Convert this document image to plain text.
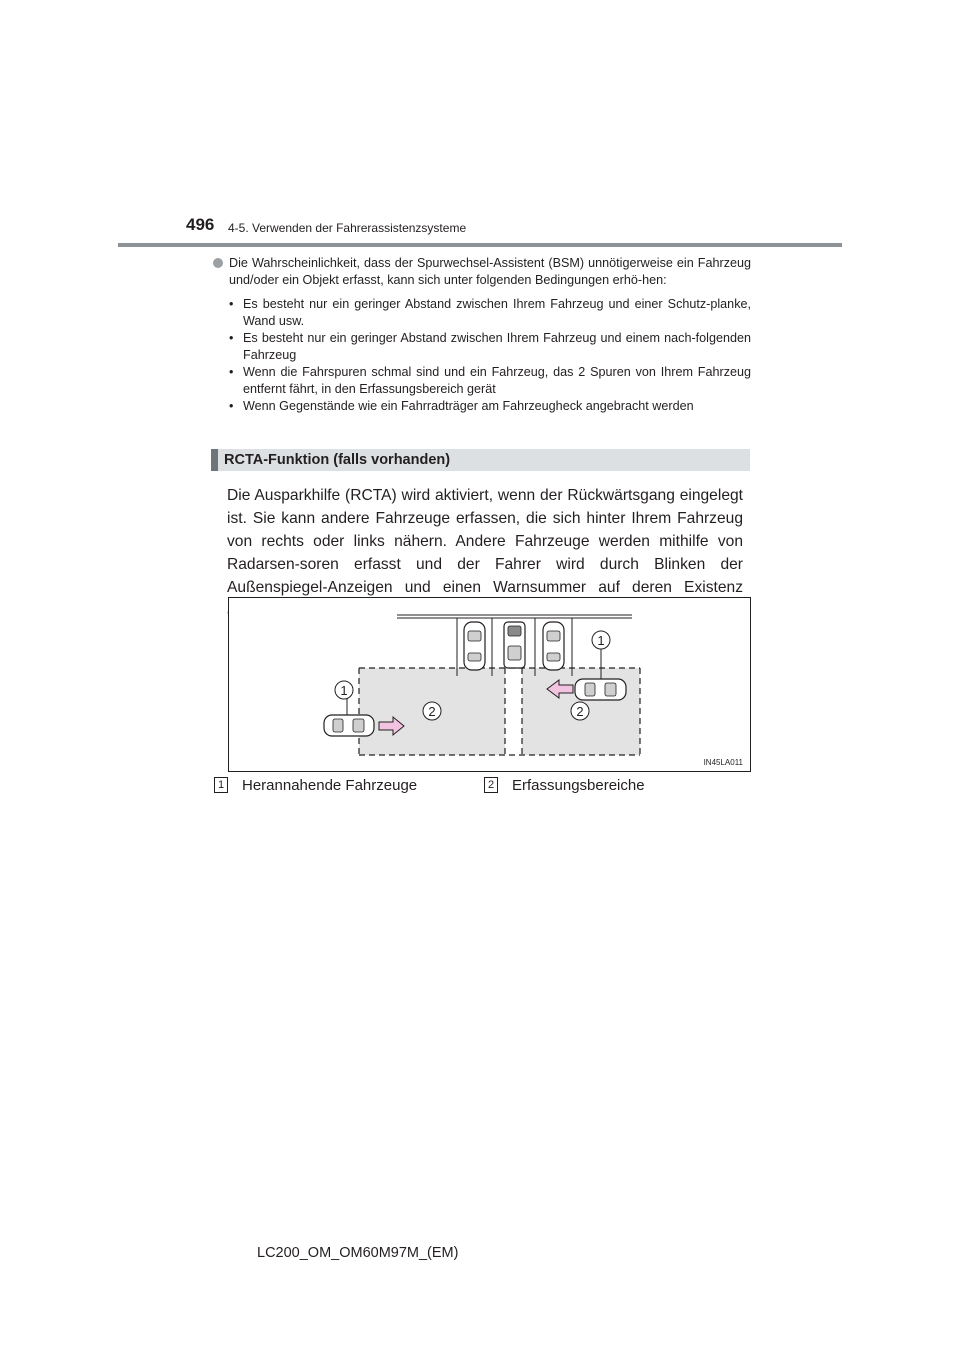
496 4-5. Verwenden der Fahrerassistenzsysteme
Die Wahrscheinlichkeit, dass der Spurwechsel-Assistent (BSM) unnötigerweise ein Fahrzeug und/oder ein Objekt erfasst, kann sich unter folgenden Bedingungen erhö-hen:
• Es besteht nur ein geringer Abstand zwischen Ihrem Fahrzeug und einer Schutz-planke, Wand usw.
• Es besteht nur ein geringer Abstand zwischen Ihrem Fahrzeug und einem nach-folgenden Fahrzeug
• Wenn die Fahrspuren schmal sind und ein Fahrzeug, das 2 Spuren von Ihrem Fahrzeug entfernt fährt, in den Erfassungsbereich gerät
• Wenn Gegenstände wie ein Fahrradträger am Fahrzeugheck angebracht werden
RCTA-Funktion (falls vorhanden)
Die Ausparkhilfe (RCTA) wird aktiviert, wenn der Rückwärtsgang eingelegt ist. Sie kann andere Fahrzeuge erfassen, die sich hinter Ihrem Fahrzeug von rechts oder links nähern. Andere Fahrzeuge werden mithilfe von Radarsen-soren erfasst und der Fahrer wird durch Blinken der Außenspiegel-Anzeigen und einen Warnsummer auf deren Existenz
1
1
2	2
IN45LA011
1 Herannahende Fahrzeuge	2 Erfassungsbereiche
LC200_OM_OM60M97M_(EM)
